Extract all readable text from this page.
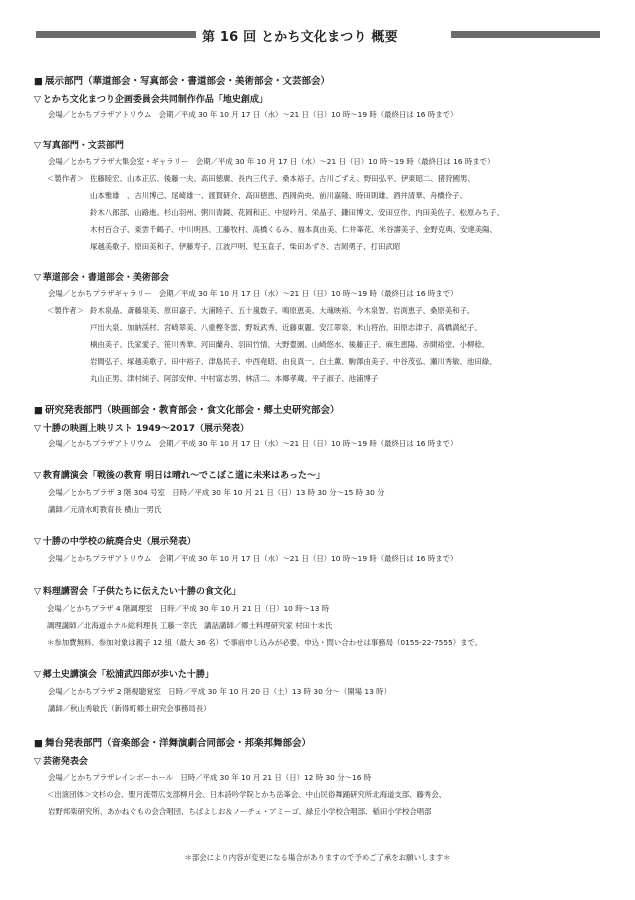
第 16 回 とかち文化まつり 概要
■ 展示部門（華道部会・写真部会・書道部会・美術部会・文芸部会）
▽ とかち文化まつり企画委員会共同制作作品「地史創成」
会場／とかちプラザアトリウム　会期／平成 30 年 10 月 17 日（水）～21 日（日）10 時～19 時（最終日は 16 時まで）
▽ 写真部門・文芸部門
会場／とかちプラザ大集会室・ギャラリー　会期／平成 30 年 10 月 17 日（水）～21 日（日）10 時～19 時（最終日は 16 時まで）
＜製作者＞ 佐藤睦宏、山本正広、後藤一夫、高田徳廣、長内三代子、桑本裕子、古川ごずえ、野田弘平、伊東昭二、猪狩國男、
山本雅雄　、古川博己、尾崎雄一、渡賀研介、高田徳恵、西岡尚央、前川嘉隆、時田則雄、酒井清華、舟橋伶子、
鈴木八郎部、山路進、杉山羽州、粥川青鏡、花岡和正、中屋吟月、栄晶子、鎌田博文、安田豆作、内田美佐子、松原みち子、
木村百合子、東雲千鶴子、中川明昌、工藤牧村、高橋くるみ、福本真由美、仁井峯花、米谷壽美子、金野克典、安達美陽、
塚越美歌子、原田美和子、伊藤寿子、江波戸明、児玉直子、柴田あずさ、吉岡勇子、打田武昭
▽ 華道部会・書道部会・美術部会
会場／とかちプラザギャラリー　会期／平成 30 年 10 月 17 日（水）～21 日（日）10 時～19 時（最終日は 16 時まで）
＜製作者＞ 鈴木泉晶、斎藤泉美、原田嘉子、大浦睦子、五十嵐数子、鳴原恵美、大魂映裕、今木泉智、岩渕恵子、桑原美和子、
戸出大泉、加納渓村、宮崎翠美、八重樫冬雷、野坂武秀、近藤東麗、安江翠泉、米山将治、田原志津子、高橋満紀子、
楠由美子、氏家愛子、笹川秀華、河田蘭舟、羽田竹情、大野豊園、山崎悠水、後藤正子、麻生恵陽、赤間裕堂、小柳稔、
岩間弘子、塚越美歌子、田中裕子、津島民子、中西堯昭、由良真一、白土薫、駒澤由美子、中谷茂弘、瀬川秀敏、池田綠、
丸山正男、津村純子、阿部安伸、中村富志男、林活二、本郷孝蔵、平子淑子、池浦博子
■ 研究発表部門（映画部会・教育部会・食文化部会・郷土史研究部会）
▽ 十勝の映画上映リスト 1949～2017（展示発表）
会場／とかちプラザアトリウム　会期／平成 30 年 10 月 17 日（水）～21 日（日）10 時～19 時（最終日は 16 時まで）
▽ 教育講演会「戦後の教育 明日は晴れ～でこぼこ道に未来はあった～」
会場／とかちプラザ 3 階 304 号室　日時／平成 30 年 10 月 21 日（日）13 時 30 分～15 時 30 分
講師／元清水町教育長 横山一男氏
▽ 十勝の中学校の統廃合史（展示発表）
会場／とかちプラザアトリウム　会期／平成 30 年 10 月 17 日（水）～21 日（日）10 時～19 時（最終日は 16 時まで）
▽ 料理講習会「子供たちに伝えたい十勝の食文化」
会場／とかちプラザ 4 階調理室　日時／平成 30 年 10 月 21 日（日）10 時～13 時
調理講師／北海道ホテル総料理長 工藤一幸氏　講話講師／郷土料理研究家 村田十未氏
＊参加費無料、参加対象は親子 12 組（最大 36 名）で事前申し込みが必要。申込・問い合わせは事務局（0155-22-7555）まで。
▽ 郷土史講演会「松浦武四郎が歩いた十勝」
会場／とかちプラザ 2 階視聴覚室　日時／平成 30 年 10 月 20 日（土）13 時 30 分～（開場 13 時）
講師／秋山秀敏氏（新得町郷土研究会事務局長）
■ 舞台発表部門（音楽部会・洋舞演劇合同部会・邦楽邦舞部会）
▽ 芸術発表会
会場／とかちプラザレインボーホール　日時／平成 30 年 10 月 21 日（日）12 時 30 分～16 時
＜出演団体＞文杉の会、聖月流帯広支部柳月会、日本詩吟学院とかち岳峯会、中山民俗舞踊研究所北海道支部、藤秀会、
岩野邦楽研究所、あかねぐもの会合唱団、ちばよしお＆ノーチェ・アミーゴ、緑丘小学校合唱部、稲田小学校合唱部
＊部会により内容が変更になる場合がありますので予めご了承をお願いします＊
